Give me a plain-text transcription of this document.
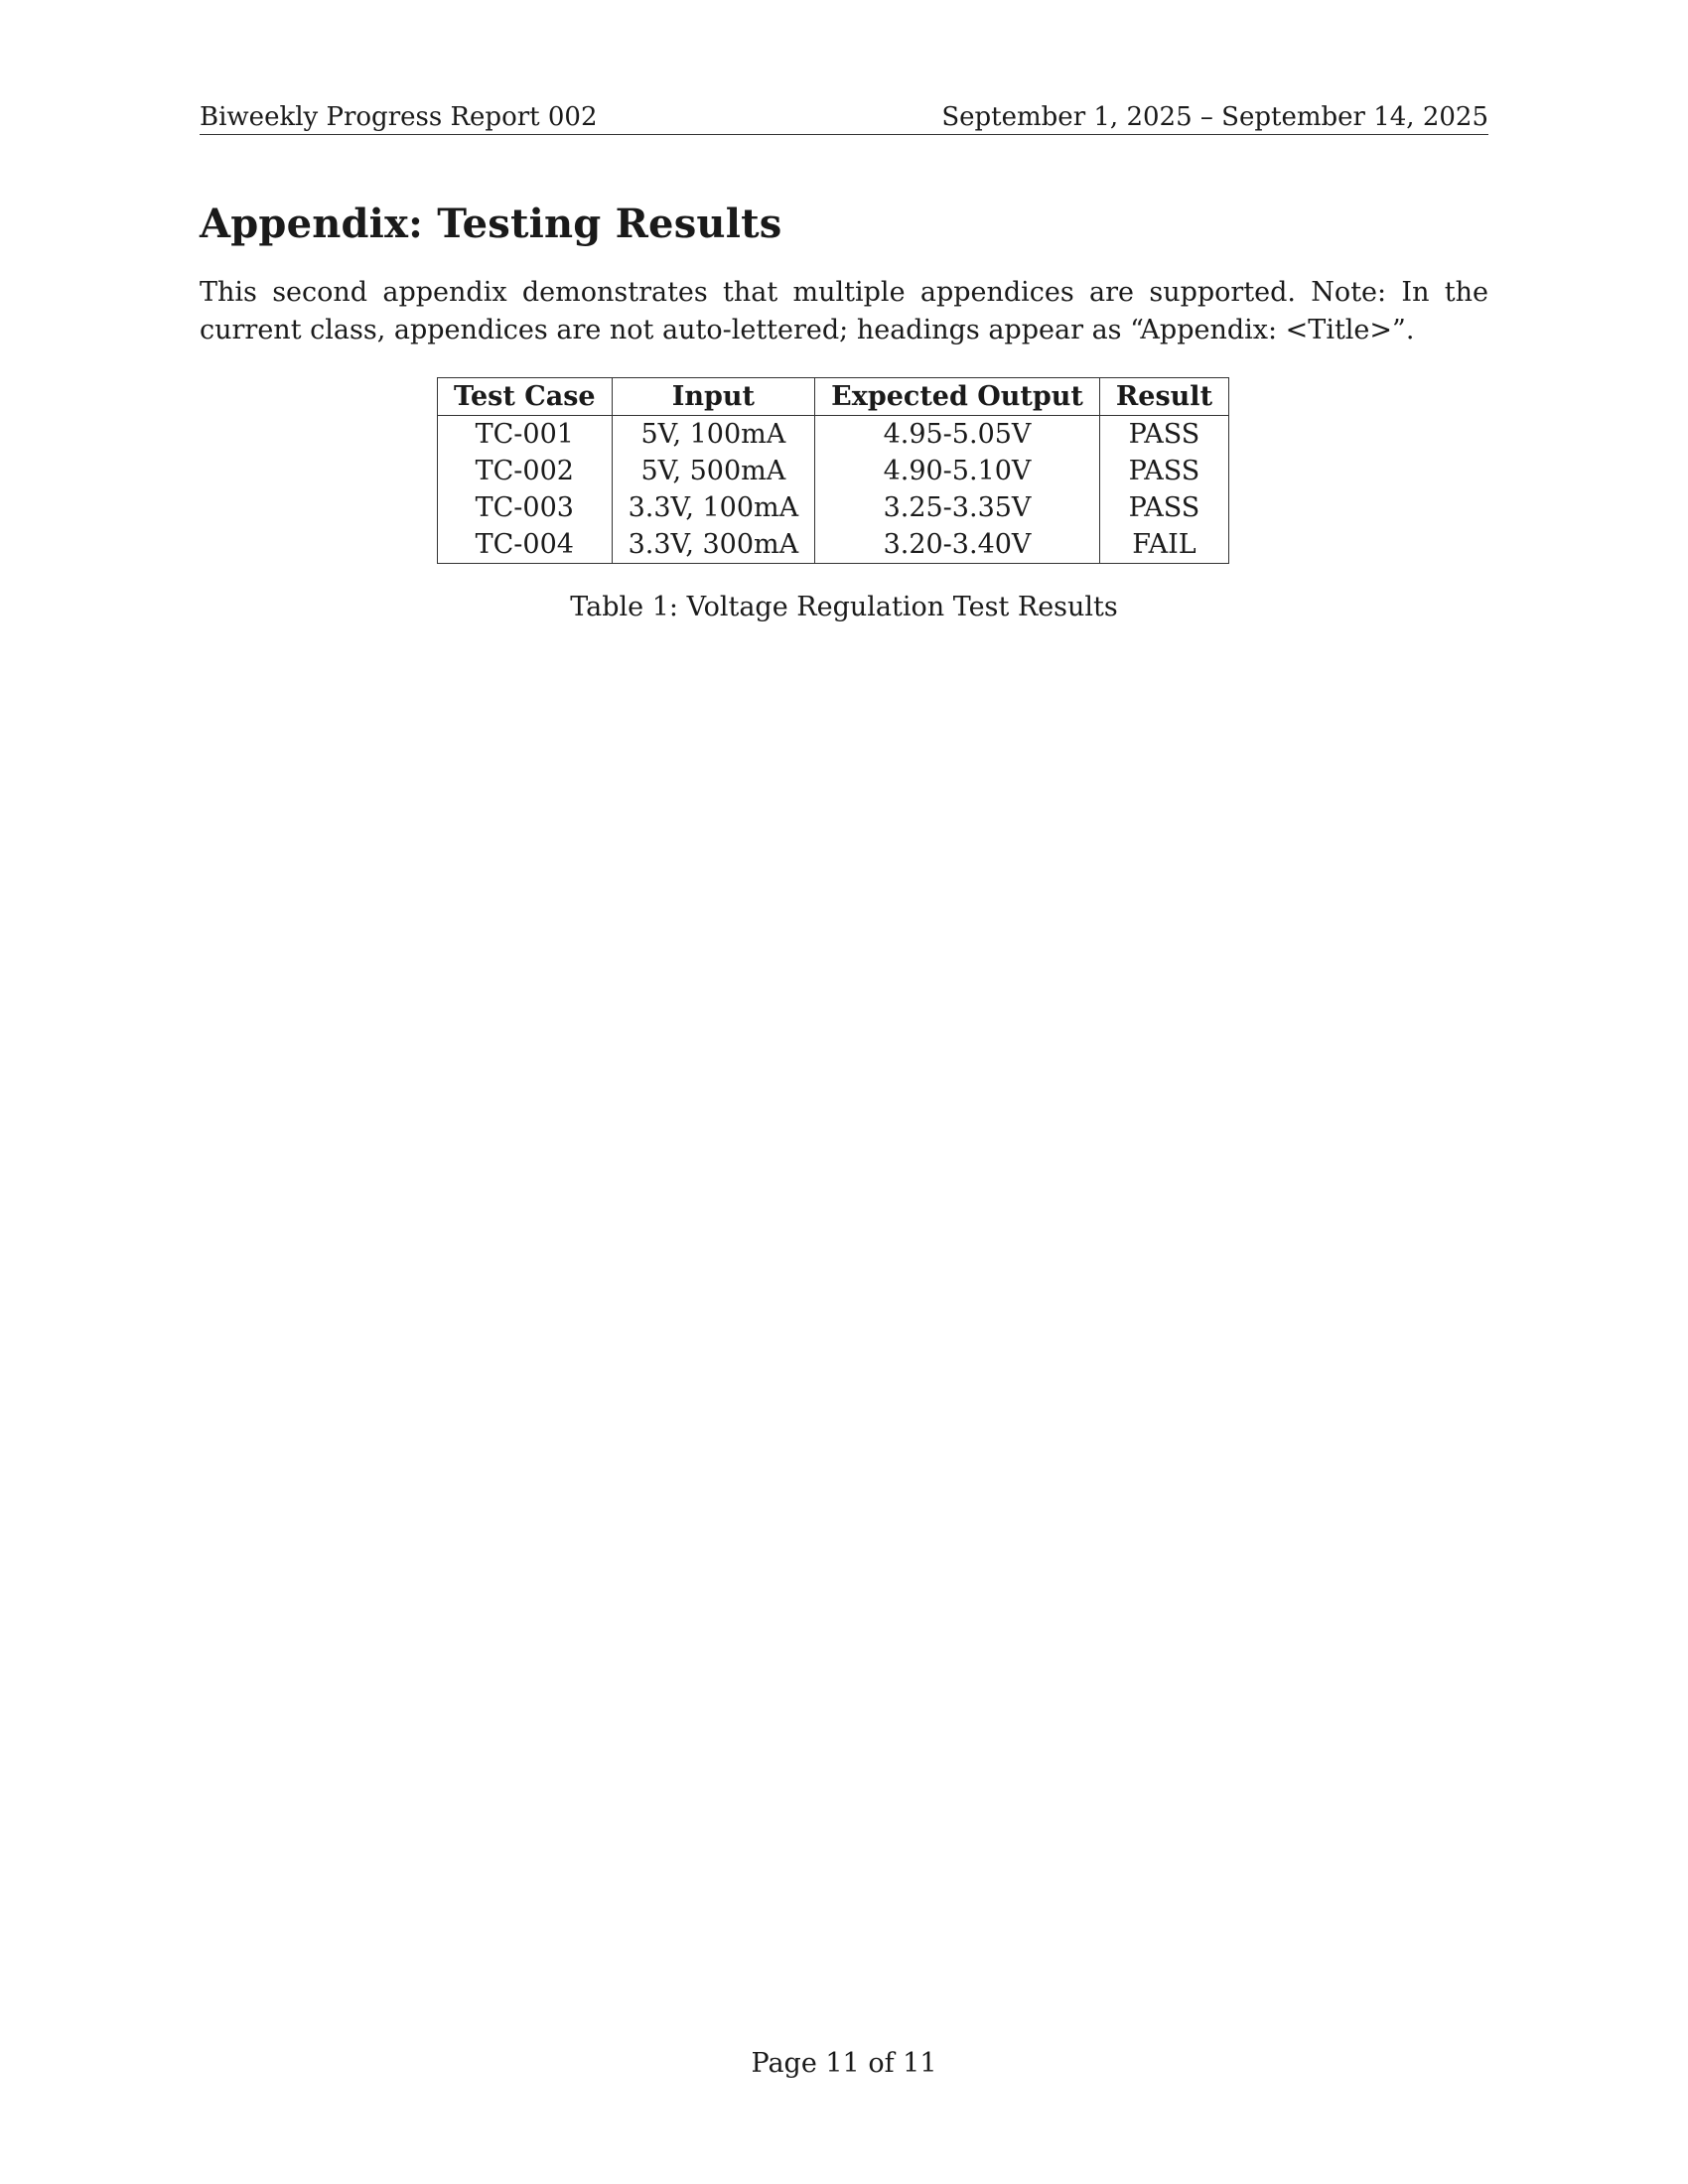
Biweekly Progress Report 002	September 1, 2025 – September 14, 2025
Appendix: Testing Results

This second appendix demonstrates that multiple appendices are supported. Note: In the current class, appendices are not auto-lettered; headings appear as “Appendix: <Title>”.

Test Case	Input	Expected Output	Result
TC-001	5V, 100mA	4.95-5.05V	PASS
TC-002	5V, 500mA	4.90-5.10V	PASS
TC-003	3.3V, 100mA	3.25-3.35V	PASS
TC-004	3.3V, 300mA	3.20-3.40V	FAIL
Table 1: Voltage Regulation Test Results
Page 11 of 11
